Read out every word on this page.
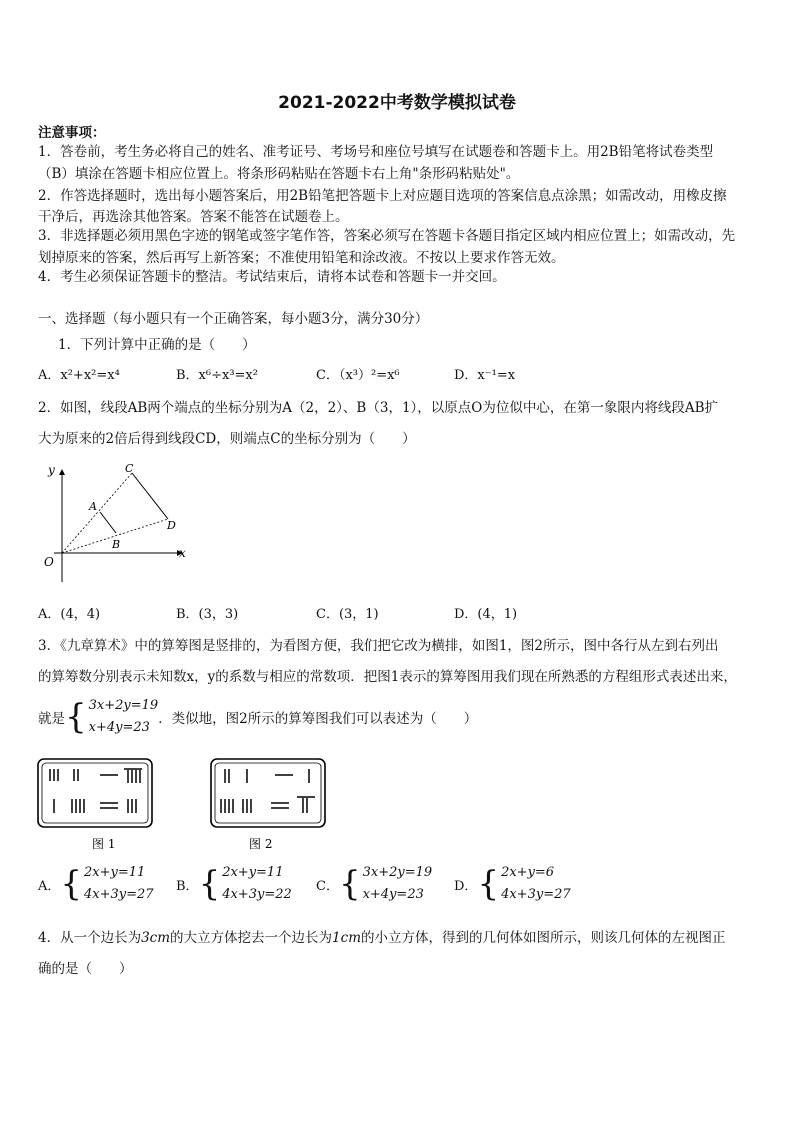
2021-2022中考数学模拟试卷
注意事项：
1．答卷前，考生务必将自己的姓名、准考证号、考场号和座位号填写在试题卷和答题卡上。用2B铅笔将试卷类型
（B）填涂在答题卡相应位置上。将条形码粘贴在答题卡右上角"条形码粘贴处"。
2．作答选择题时，选出每小题答案后，用2B铅笔把答题卡上对应题目选项的答案信息点涂黑；如需改动，用橡皮擦
干净后，再选涂其他答案。答案不能答在试题卷上。
3．非选择题必须用黑色字迹的钢笔或签字笔作答，答案必须写在答题卡各题目指定区域内相应位置上；如需改动，先
划掉原来的答案，然后再写上新答案；不准使用铅笔和涂改液。不按以上要求作答无效。
4．考生必须保证答题卡的整洁。考试结束后，请将本试卷和答题卡一并交回。
一、选择题（每小题只有一个正确答案，每小题3分，满分30分）
1．下列计算中正确的是（　　）
A．x²+x²=x⁴	B．x⁶÷x³=x²	C．（x³）²=x⁶	D．x⁻¹=x
2．如图，线段AB两个端点的坐标分别为A（2，2）、B（3，1），以原点O为位似中心，在第一象限内将线段AB扩
大为原来的2倍后得到线段CD，则端点C的坐标分别为（　　）
y
x
O
A
B
C
D
A．(4，4)	B．(3，3)	C．(3，1)	D．(4，1)
3．《九章算术》中的算筹图是竖排的，为看图方便，我们把它改为横排，如图1，图2所示，图中各行从左到右列出
的算筹数分别表示未知数x，y的系数与相应的常数项．把图1表示的算筹图用我们现在所熟悉的方程组形式表述出来，
就是 { 3x+2y=19
x+4y=23
．类似地，图2所示的算筹图我们可以表述为（　　）
图 1	图 2
A． { 2x+y=11
4x+3y=27
B． { 2x+y=11
4x+3y=22
C． { 3x+2y=19
x+4y=23
D． { 2x+y=6
4x+3y=27
4．从一个边长为3cm的大立方体挖去一个边长为1cm的小立方体，得到的几何体如图所示，则该几何体的左视图正
确的是（　　）
